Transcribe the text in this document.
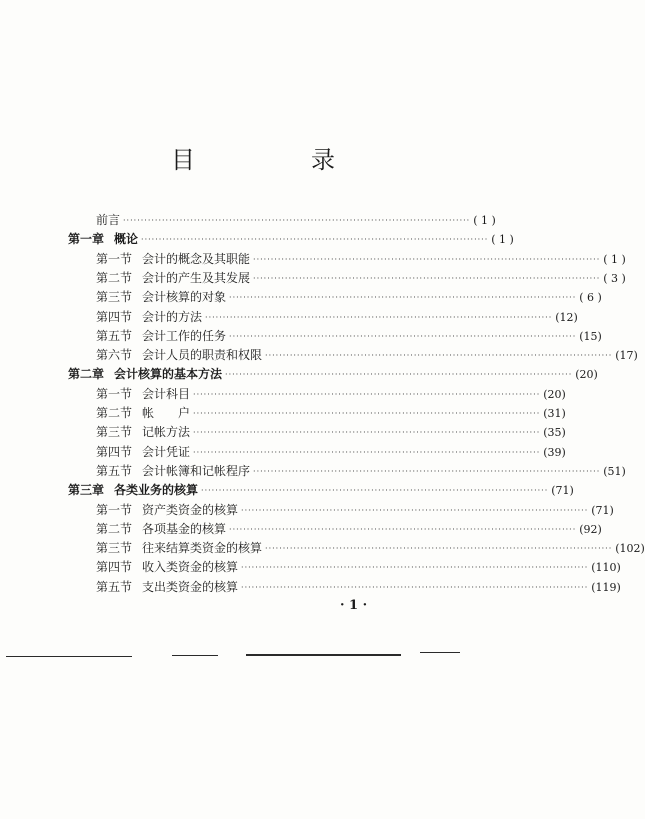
目　录
前言 ·································································································· ( 1 )
第一章 概论 ·································································································· ( 1 )
第一节 会计的概念及其职能 ·································································································· ( 1 )
第二节 会计的产生及其发展 ·································································································· ( 3 )
第三节 会计核算的对象 ·································································································· ( 6 )
第四节 会计的方法 ·································································································· (12)
第五节 会计工作的任务 ·································································································· (15)
第六节 会计人员的职责和权限 ·································································································· (17)
第二章 会计核算的基本方法 ·································································································· (20)
第一节 会计科目 ·································································································· (20)
第二节 帐　　户 ·································································································· (31)
第三节 记帐方法 ·································································································· (35)
第四节 会计凭证 ·································································································· (39)
第五节 会计帐簿和记帐程序 ·································································································· (51)
第三章 各类业务的核算 ·································································································· (71)
第一节 资产类资金的核算 ·································································································· (71)
第二节 各项基金的核算 ·································································································· (92)
第三节 往来结算类资金的核算 ·································································································· (102)
第四节 收入类资金的核算 ·································································································· (110)
第五节 支出类资金的核算 ·································································································· (119)
· 1 ·
